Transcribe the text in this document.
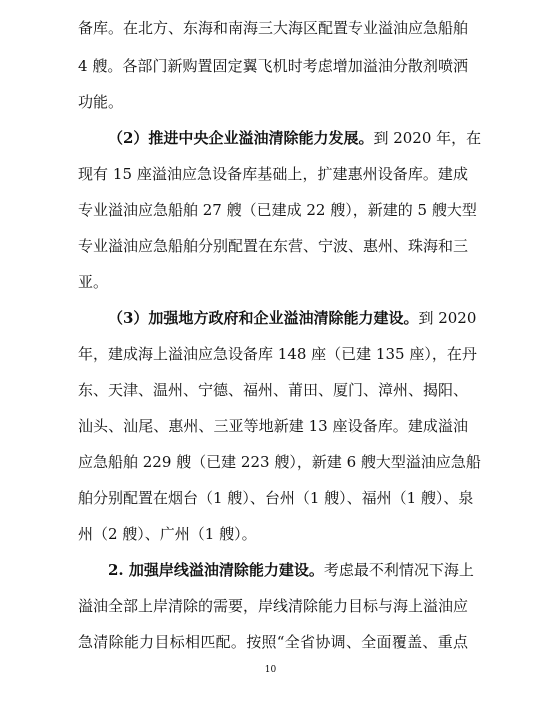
备库。在北方、东海和南海三大海区配置专业溢油应急船舶
4 艘。各部门新购置固定翼飞机时考虑增加溢油分散剂喷洒
功能。
（2）推进中央企业溢油清除能力发展。到 2020 年，在
现有 15 座溢油应急设备库基础上，扩建惠州设备库。建成
专业溢油应急船舶 27 艘（已建成 22 艘），新建的 5 艘大型
专业溢油应急船舶分别配置在东营、宁波、惠州、珠海和三
亚。
（3）加强地方政府和企业溢油清除能力建设。到 2020
年，建成海上溢油应急设备库 148 座（已建 135 座），在丹
东、天津、温州、宁德、福州、莆田、厦门、漳州、揭阳、
汕头、汕尾、惠州、三亚等地新建 13 座设备库。建成溢油
应急船舶 229 艘（已建 223 艘），新建 6 艘大型溢油应急船
舶分别配置在烟台（1 艘）、台州（1 艘）、福州（1 艘）、泉
州（2 艘）、广州（1 艘）。
2. 加强岸线溢油清除能力建设。考虑最不利情况下海上
溢油全部上岸清除的需要，岸线清除能力目标与海上溢油应
急清除能力目标相匹配。按照“全省协调、全面覆盖、重点
10
